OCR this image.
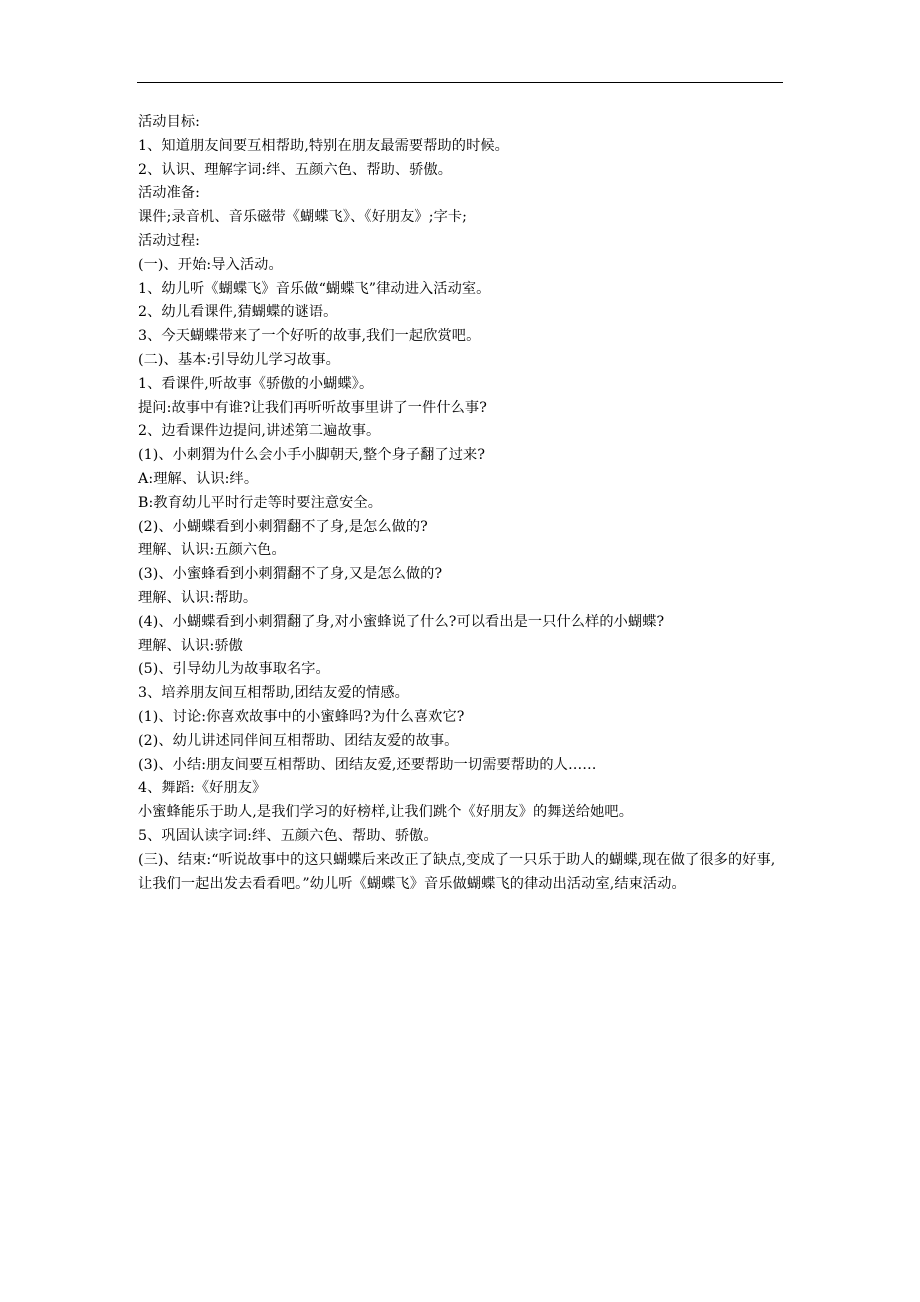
活动目标:
1、知道朋友间要互相帮助,特别在朋友最需要帮助的时候。
2、认识、理解字词:绊、五颜六色、帮助、骄傲。
活动准备:
课件;录音机、音乐磁带《蝴蝶飞》、《好朋友》;字卡;
活动过程:
(一)、开始:导入活动。
1、幼儿听《蝴蝶飞》音乐做“蝴蝶飞”律动进入活动室。
2、幼儿看课件,猜蝴蝶的谜语。
3、今天蝴蝶带来了一个好听的故事,我们一起欣赏吧。
(二)、基本:引导幼儿学习故事。
1、看课件,听故事《骄傲的小蝴蝶》。
提问:故事中有谁?让我们再听听故事里讲了一件什么事?
2、边看课件边提问,讲述第二遍故事。
(1)、小刺猬为什么会小手小脚朝天,整个身子翻了过来?
A:理解、认识:绊。
B:教育幼儿平时行走等时要注意安全。
(2)、小蝴蝶看到小刺猬翻不了身,是怎么做的?
理解、认识:五颜六色。
(3)、小蜜蜂看到小刺猬翻不了身,又是怎么做的?
理解、认识:帮助。
(4)、小蝴蝶看到小刺猬翻了身,对小蜜蜂说了什么?可以看出是一只什么样的小蝴蝶?
理解、认识:骄傲
(5)、引导幼儿为故事取名字。
3、培养朋友间互相帮助,团结友爱的情感。
(1)、讨论:你喜欢故事中的小蜜蜂吗?为什么喜欢它?
(2)、幼儿讲述同伴间互相帮助、团结友爱的故事。
(3)、小结:朋友间要互相帮助、团结友爱,还要帮助一切需要帮助的人……
4、舞蹈:《好朋友》
小蜜蜂能乐于助人,是我们学习的好榜样,让我们跳个《好朋友》的舞送给她吧。
5、巩固认读字词:绊、五颜六色、帮助、骄傲。
(三)、结束:“听说故事中的这只蝴蝶后来改正了缺点,变成了一只乐于助人的蝴蝶,现在做了很多的好事,让我们一起出发去看看吧。”幼儿听《蝴蝶飞》音乐做蝴蝶飞的律动出活动室,结束活动。
